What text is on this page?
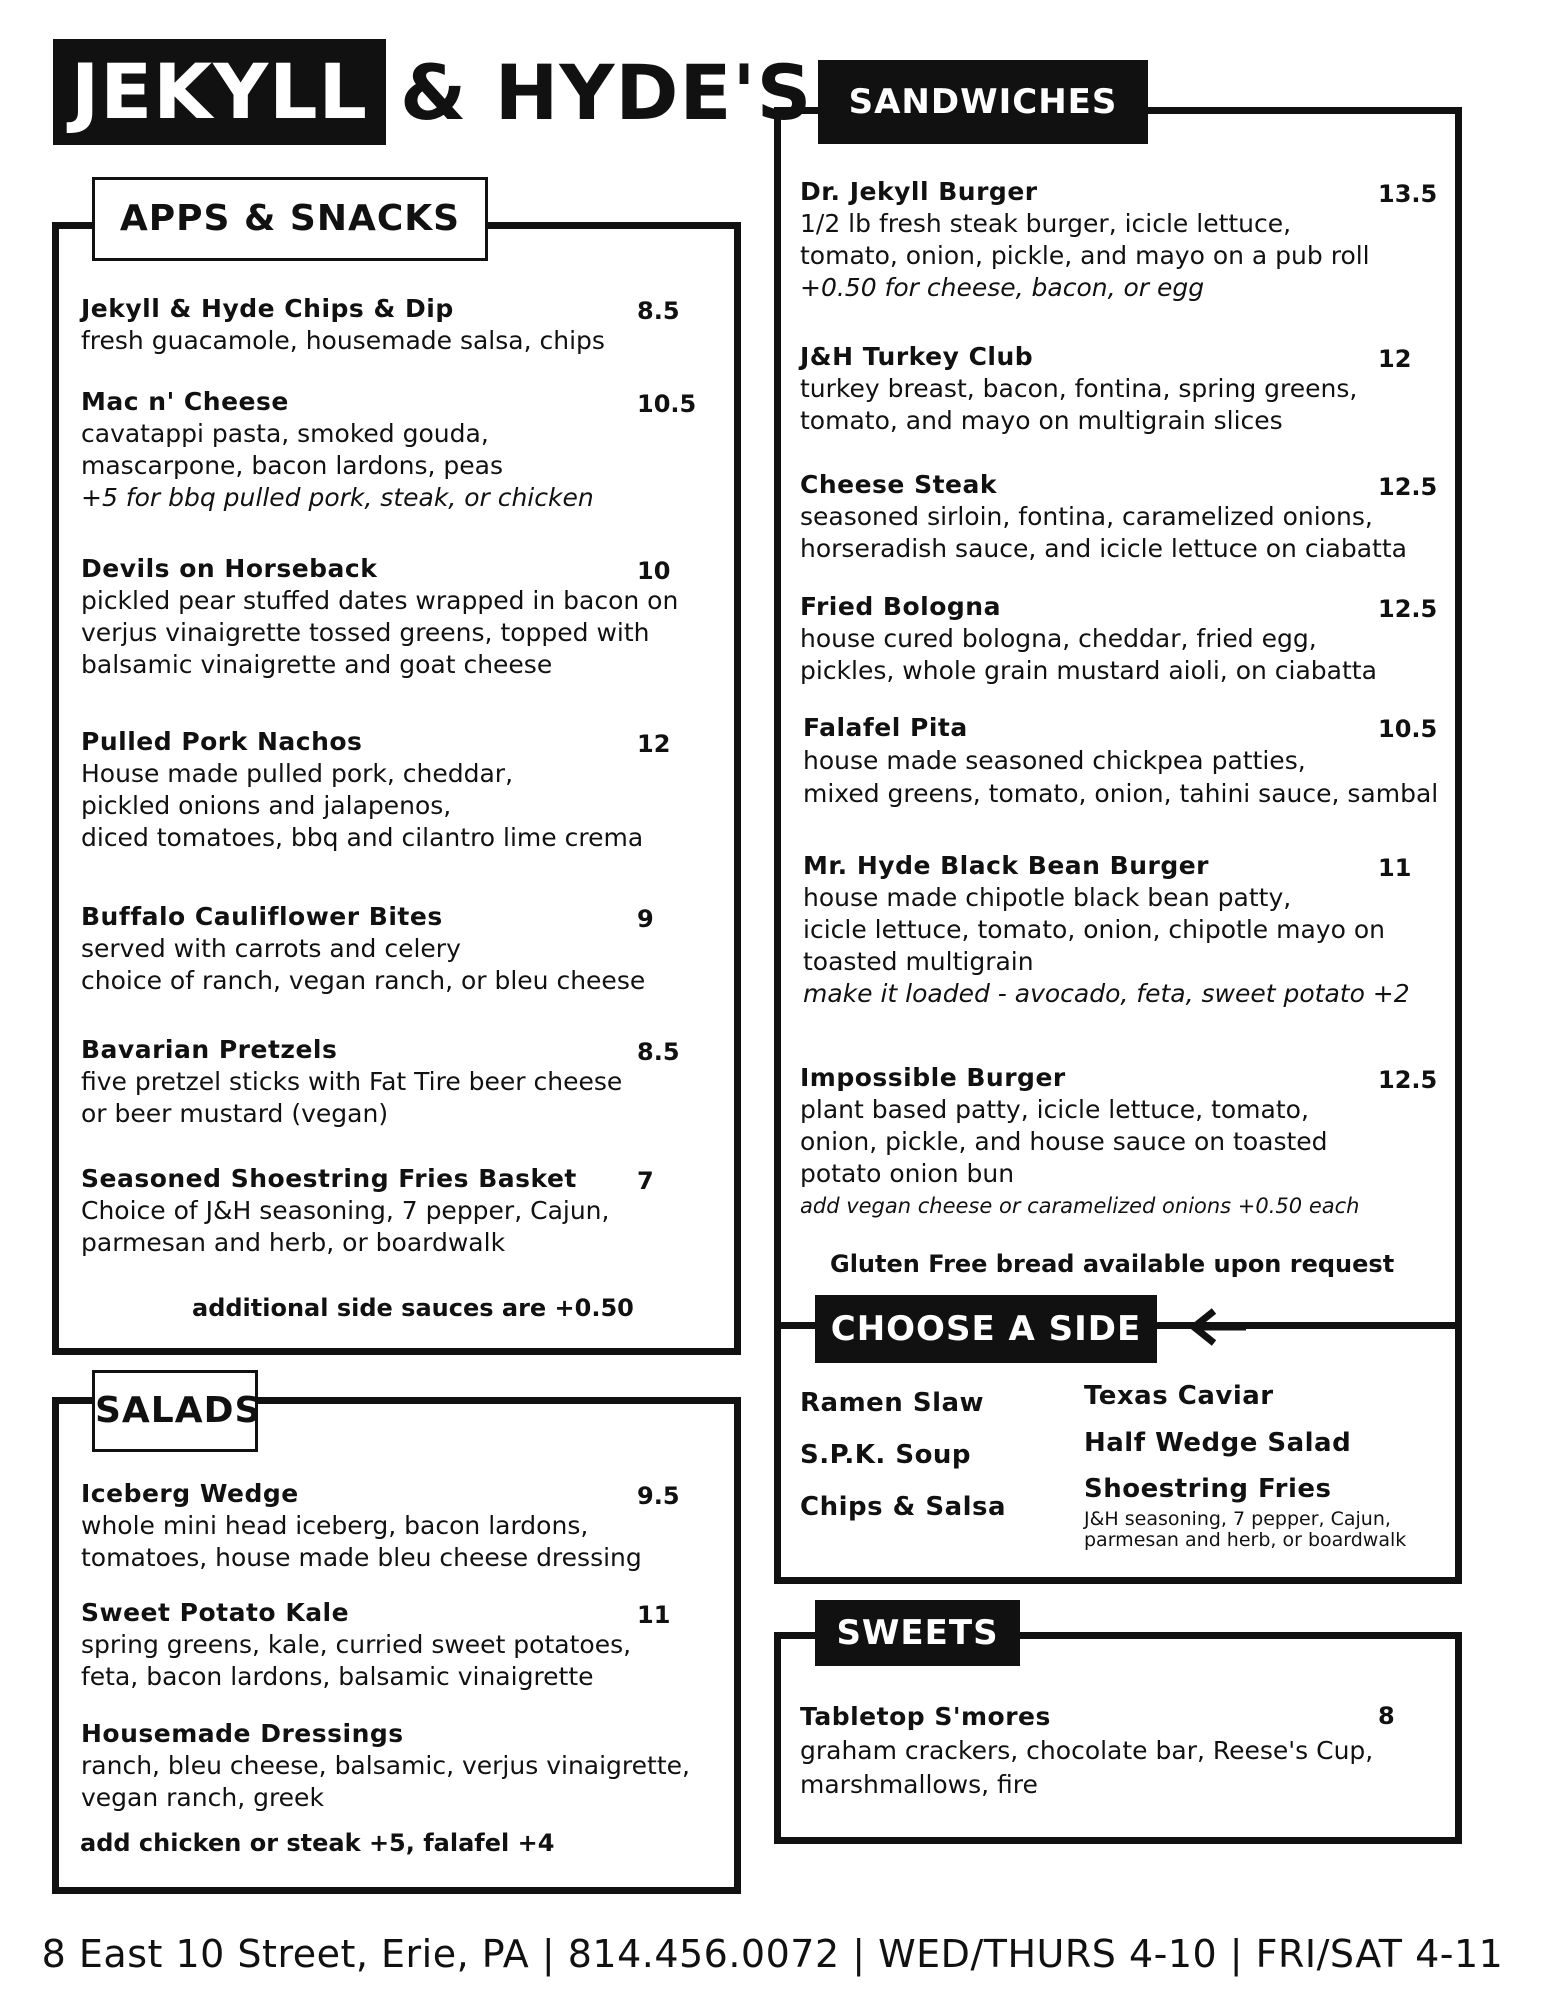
JEKYLL & HYDE'S
APPS & SNACKS
Jekyll & Hyde Chips & Dip
fresh guacamole, housemade salsa, chips
8.5
Mac n' Cheese
cavatappi pasta, smoked gouda,
mascarpone, bacon lardons, peas
+5 for bbq pulled pork, steak, or chicken
10.5
Devils on Horseback
pickled pear stuffed dates wrapped in bacon on
verjus vinaigrette tossed greens, topped with
balsamic vinaigrette and goat cheese
10
Pulled Pork Nachos
House made pulled pork, cheddar,
pickled onions and jalapenos,
diced tomatoes, bbq and cilantro lime crema
12
Buffalo Cauliflower Bites
served with carrots and celery
choice of ranch, vegan ranch, or bleu cheese
9
Bavarian Pretzels
five pretzel sticks with Fat Tire beer cheese
or beer mustard (vegan)
8.5
Seasoned Shoestring Fries Basket
Choice of J&H seasoning, 7 pepper, Cajun,
parmesan and herb, or boardwalk
7
additional side sauces are +0.50
SALADS
Iceberg Wedge
whole mini head iceberg, bacon lardons,
tomatoes, house made bleu cheese dressing
9.5
Sweet Potato Kale
spring greens, kale, curried sweet potatoes,
feta, bacon lardons, balsamic vinaigrette
11
Housemade Dressings
ranch, bleu cheese, balsamic, verjus vinaigrette,
vegan ranch, greek
add chicken or steak +5, falafel +4
SANDWICHES
Dr. Jekyll Burger
1/2 lb fresh steak burger, icicle lettuce,
tomato, onion, pickle, and mayo on a pub roll
+0.50 for cheese, bacon, or egg
13.5
J&H Turkey Club
turkey breast, bacon, fontina, spring greens,
tomato, and mayo on multigrain slices
12
Cheese Steak
seasoned sirloin, fontina, caramelized onions,
horseradish sauce, and icicle lettuce on ciabatta
12.5
Fried Bologna
house cured bologna, cheddar, fried egg,
pickles, whole grain mustard aioli, on ciabatta
12.5
Falafel Pita
house made seasoned chickpea patties,
mixed greens, tomato, onion, tahini sauce, sambal
10.5
Mr. Hyde Black Bean Burger
house made chipotle black bean patty,
icicle lettuce, tomato, onion, chipotle mayo on
toasted multigrain
make it loaded - avocado, feta, sweet potato +2
11
Impossible Burger
plant based patty, icicle lettuce, tomato,
onion, pickle, and house sauce on toasted
potato onion bun
add vegan cheese or caramelized onions +0.50 each
12.5
Gluten Free bread available upon request
CHOOSE A SIDE
Ramen Slaw
S.P.K. Soup
Chips & Salsa
Texas Caviar
Half Wedge Salad
Shoestring Fries
J&H seasoning, 7 pepper, Cajun,
parmesan and herb, or boardwalk
SWEETS
Tabletop S'mores
graham crackers, chocolate bar, Reese's Cup,
marshmallows, fire
8
8 East 10 Street, Erie, PA | 814.456.0072 | WED/THURS 4-10 | FRI/SAT 4-11
